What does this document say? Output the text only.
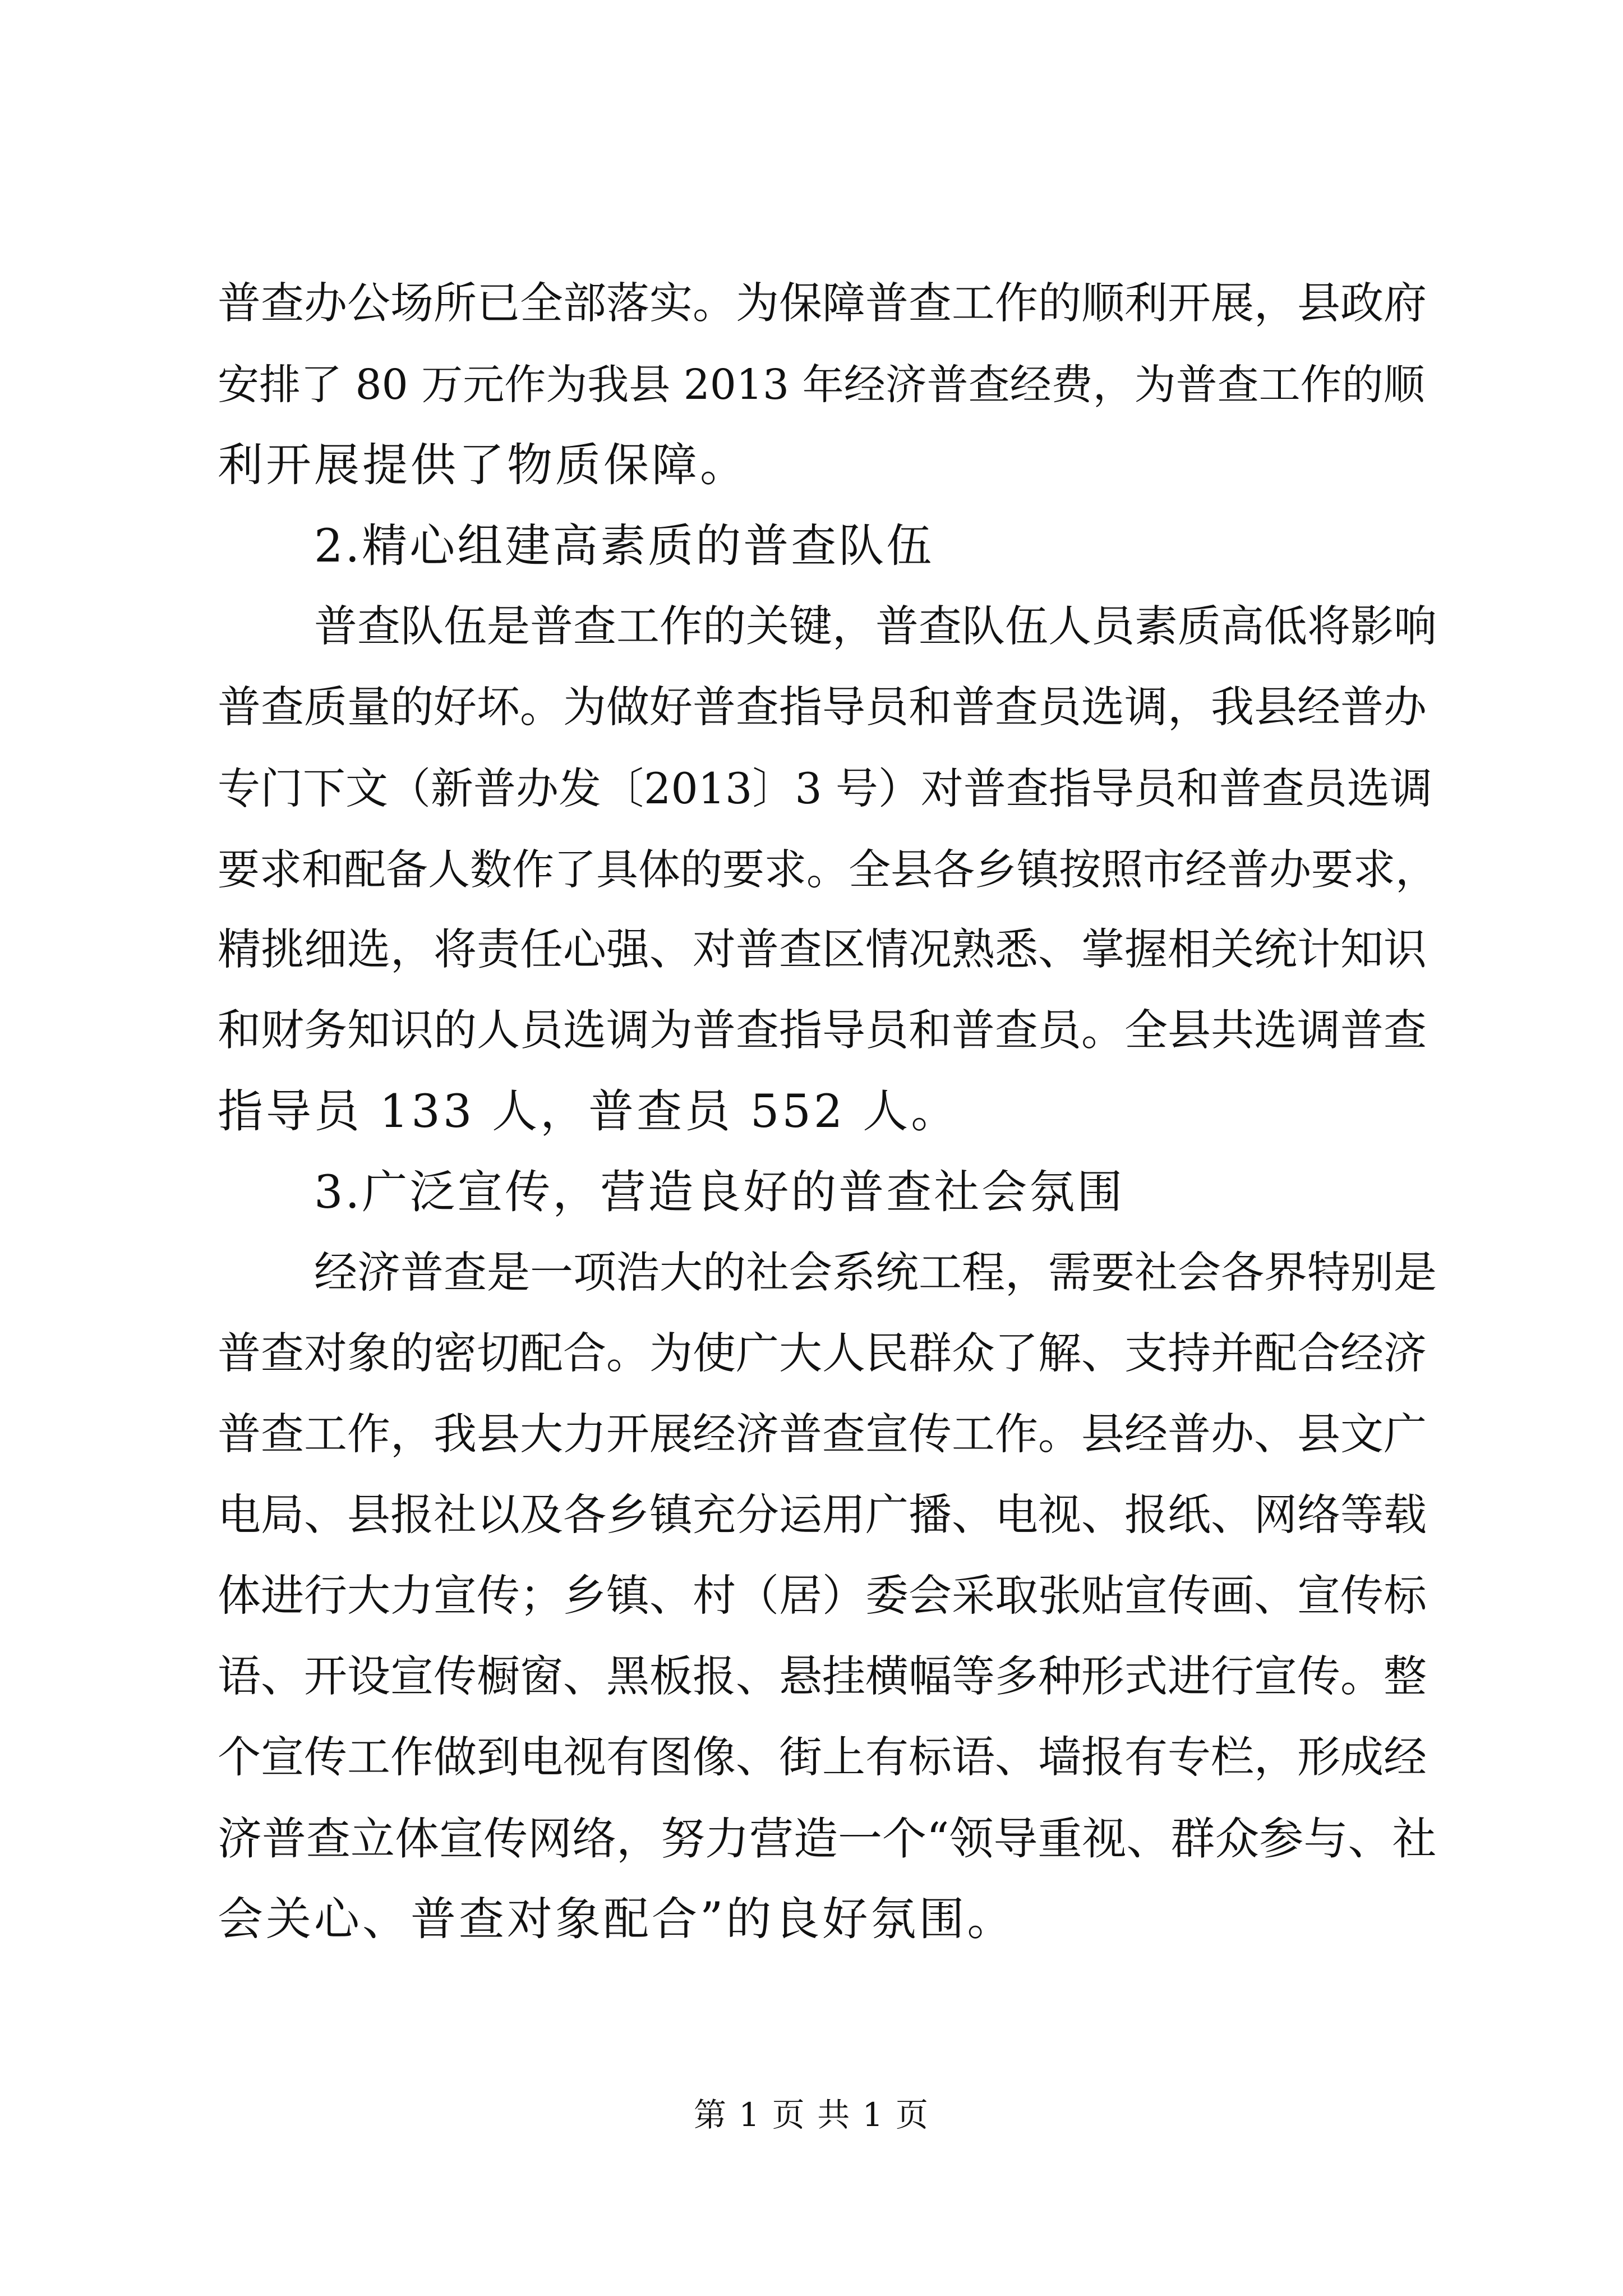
普查办公场所已全部落实。为保障普查工作的顺利开展，县政府
安排了 80 万元作为我县 2013 年经济普查经费，为普查工作的顺
利开展提供了物质保障。
2.精心组建高素质的普查队伍
普查队伍是普查工作的关键，普查队伍人员素质高低将影响
普查质量的好坏。为做好普查指导员和普查员选调，我县经普办
专门下文（新普办发〔2013〕3 号）对普查指导员和普查员选调
要求和配备人数作了具体的要求。全县各乡镇按照市经普办要求，
精挑细选，将责任心强、对普查区情况熟悉、掌握相关统计知识
和财务知识的人员选调为普查指导员和普查员。全县共选调普查
指导员 133 人，普查员 552 人。
3.广泛宣传，营造良好的普查社会氛围
经济普查是一项浩大的社会系统工程，需要社会各界特别是
普查对象的密切配合。为使广大人民群众了解、支持并配合经济
普查工作，我县大力开展经济普查宣传工作。县经普办、县文广
电局、县报社以及各乡镇充分运用广播、电视、报纸、网络等载
体进行大力宣传；乡镇、村（居）委会采取张贴宣传画、宣传标
语、开设宣传橱窗、黑板报、悬挂横幅等多种形式进行宣传。整
个宣传工作做到电视有图像、街上有标语、墙报有专栏，形成经
济普查立体宣传网络，努力营造一个“领导重视、群众参与、社
会关心、普查对象配合”的良好氛围。
第 1 页 共 1 页
